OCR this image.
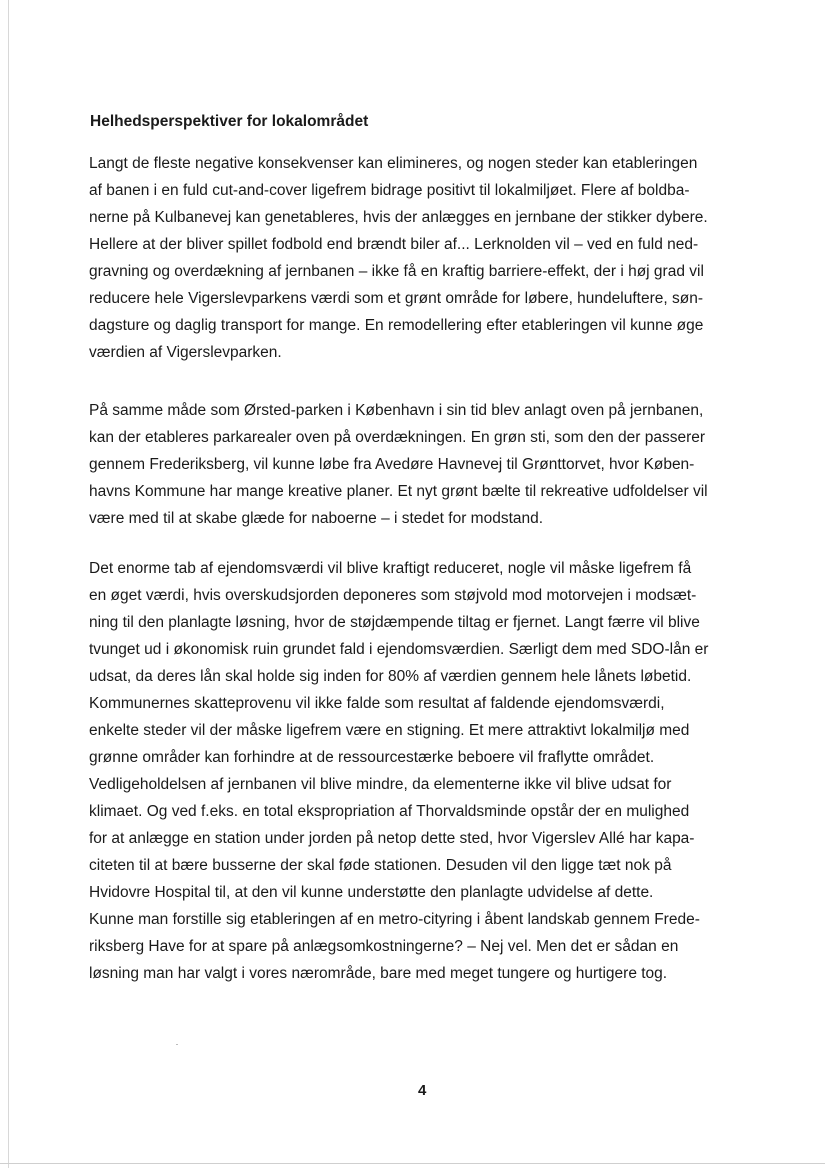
Helhedsperspektiver for lokalområdet

Langt de fleste negative konsekvenser kan elimineres, og nogen steder kan etableringen
af banen i en fuld cut-and-cover ligefrem bidrage positivt til lokalmiljøet. Flere af boldba-
nerne på Kulbanevej kan genetableres, hvis der anlægges en jernbane der stikker dybere.
Hellere at der bliver spillet fodbold end brændt biler af... Lerknolden vil – ved en fuld ned-
gravning og overdækning af jernbanen – ikke få en kraftig barriere-effekt, der i høj grad vil
reducere hele Vigerslevparkens værdi som et grønt område for løbere, hundeluftere, søn-
dagsture og daglig transport for mange. En remodellering efter etableringen vil kunne øge
værdien af Vigerslevparken.

På samme måde som Ørsted-parken i København i sin tid blev anlagt oven på jernbanen,
kan der etableres parkarealer oven på overdækningen. En grøn sti, som den der passerer
gennem Frederiksberg, vil kunne løbe fra Avedøre Havnevej til Grønttorvet, hvor Køben-
havns Kommune har mange kreative planer. Et nyt grønt bælte til rekreative udfoldelser vil
være med til at skabe glæde for naboerne – i stedet for modstand.

Det enorme tab af ejendomsværdi vil blive kraftigt reduceret, nogle vil måske ligefrem få
en øget værdi, hvis overskudsjorden deponeres som støjvold mod motorvejen i modsæt-
ning til den planlagte løsning, hvor de støjdæmpende tiltag er fjernet. Langt færre vil blive
tvunget ud i økonomisk ruin grundet fald i ejendomsværdien. Særligt dem med SDO-lån er
udsat, da deres lån skal holde sig inden for 80% af værdien gennem hele lånets løbetid.
Kommunernes skatteprovenu vil ikke falde som resultat af faldende ejendomsværdi,
enkelte steder vil der måske ligefrem være en stigning. Et mere attraktivt lokalmiljø med
grønne områder kan forhindre at de ressourcestærke beboere vil fraflytte området.
Vedligeholdelsen af jernbanen vil blive mindre, da elementerne ikke vil blive udsat for
klimaet. Og ved f.eks. en total ekspropriation af Thorvaldsminde opstår der en mulighed
for at anlægge en station under jorden på netop dette sted, hvor Vigerslev Allé har kapa-
citeten til at bære busserne der skal føde stationen. Desuden vil den ligge tæt nok på
Hvidovre Hospital til, at den vil kunne understøtte den planlagte udvidelse af dette.
Kunne man forstille sig etableringen af en metro-cityring i åbent landskab gennem Frede-
riksberg Have for at spare på anlægsomkostningerne? – Nej vel. Men det er sådan en
løsning man har valgt i vores nærområde, bare med meget tungere og hurtigere tog.

4
